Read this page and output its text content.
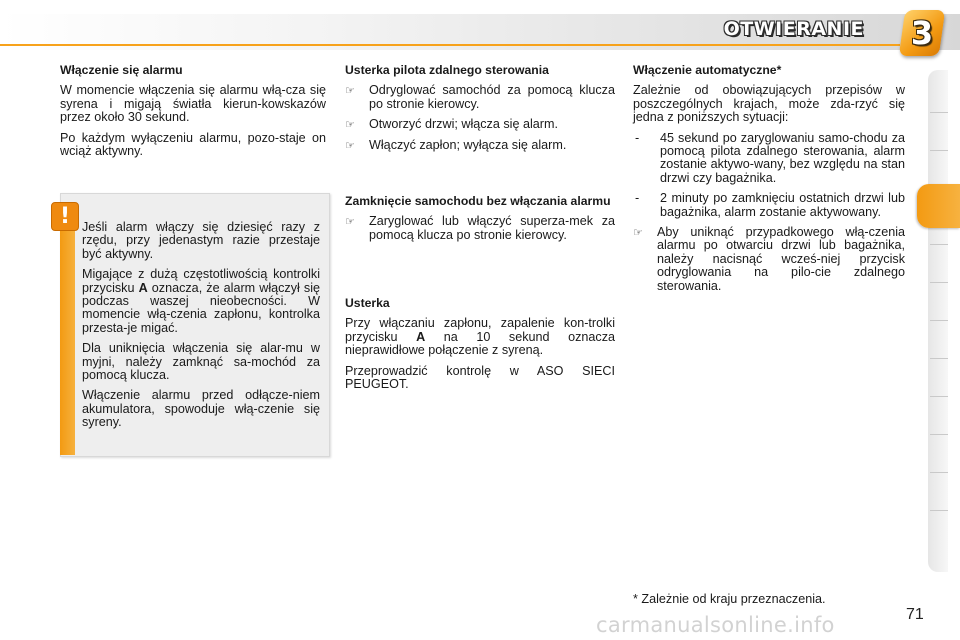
OTWIERANIE 3

Włączenie się alarmu

W momencie włączenia się alarmu włą-cza się syrena i migają światła kierun-kowskazów przez około 30 sekund.

Po każdym wyłączeniu alarmu, pozo-staje on wciąż aktywny.

! Jeśli alarm włączy się dziesięć razy z rzędu, przy jedenastym razie przestaje być aktywny.

Migające z dużą częstotliwością kontrolki przycisku A oznacza, że alarm włączył się podczas waszej nieobecności. W momencie włą-czenia zapłonu, kontrolka przesta-je migać.

Dla uniknięcia włączenia się alar-mu w myjni, należy zamknąć sa-mochód za pomocą klucza.

Włączenie alarmu przed odłącze-niem akumulatora, spowoduje włą-czenie się syreny.

Usterka pilota zdalnego sterowania

☞ Odryglować samochód za pomocą klucza po stronie kierowcy.
☞ Otworzyć drzwi; włącza się alarm.
☞ Włączyć zapłon; wyłącza się alarm.

Zamknięcie samochodu bez włączania alarmu

☞ Zaryglować lub włączyć superza-mek za pomocą klucza po stronie kierowcy.

Usterka

Przy włączaniu zapłonu, zapalenie kon-trolki przycisku A na 10 sekund oznacza nieprawidłowe połączenie z syreną.

Przeprowadzić kontrolę w ASO SIECI PEUGEOT.

Włączenie automatyczne*

Zależnie od obowiązujących przepisów w poszczególnych krajach, może zda-rzyć się jedna z poniższych sytuacji:

- 45 sekund po zaryglowaniu samo-chodu za pomocą pilota zdalnego sterowania, alarm zostanie aktywo-wany, bez względu na stan drzwi czy bagażnika.
- 2 minuty po zamknięciu ostatnich drzwi lub bagażnika, alarm zostanie aktywowany.
☞ Aby uniknąć przypadkowego włą-czenia alarmu po otwarciu drzwi lub bagażnika, należy nacisnąć wcześ-niej przycisk odryglowania na pilo-cie zdalnego sterowania.
* Zależnie od kraju przeznaczenia.
carmanualsonline.info	71
